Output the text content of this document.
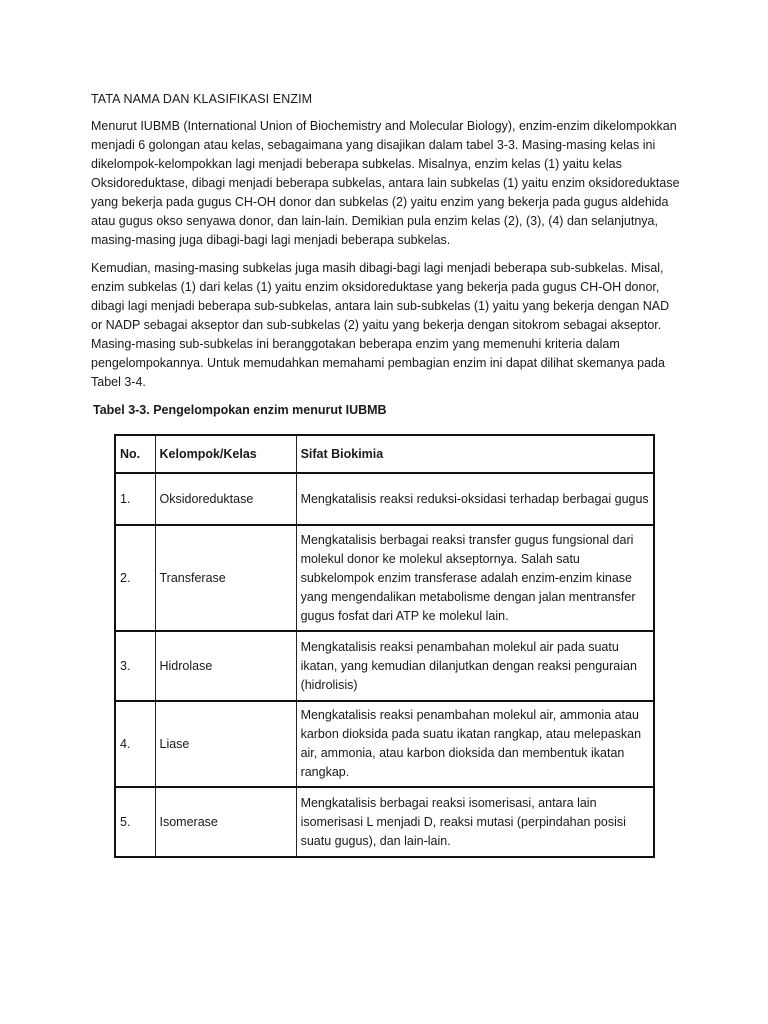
TATA NAMA DAN KLASIFIKASI ENZIM

Menurut IUBMB (International Union of Biochemistry and Molecular Biology), enzim-enzim dikelompokkan menjadi 6 golongan atau kelas, sebagaimana yang disajikan dalam tabel 3-3. Masing-masing kelas ini dikelompok-kelompokkan lagi menjadi beberapa subkelas. Misalnya, enzim kelas (1) yaitu kelas Oksidoreduktase, dibagi menjadi beberapa subkelas, antara lain subkelas (1) yaitu enzim oksidoreduktase yang bekerja pada gugus CH-OH donor dan subkelas (2) yaitu enzim yang bekerja pada gugus aldehida atau gugus okso senyawa donor, dan lain-lain. Demikian pula enzim kelas (2), (3), (4) dan selanjutnya, masing-masing juga dibagi-bagi lagi menjadi beberapa subkelas.

Kemudian, masing-masing subkelas juga masih dibagi-bagi lagi menjadi beberapa sub-subkelas. Misal, enzim subkelas (1) dari kelas (1) yaitu enzim oksidoreduktase yang bekerja pada gugus CH-OH donor, dibagi lagi menjadi beberapa sub-subkelas, antara lain sub-subkelas (1) yaitu yang bekerja dengan NAD or NADP sebagai akseptor dan sub-subkelas (2) yaitu yang bekerja dengan sitokrom sebagai akseptor. Masing-masing sub-subkelas ini beranggotakan beberapa enzim yang memenuhi kriteria dalam pengelompokannya. Untuk memudahkan memahami pembagian enzim ini dapat dilihat skemanya pada Tabel 3-4.

Tabel 3-3. Pengelompokan enzim menurut IUBMB

No.	Kelompok/Kelas	Sifat Biokimia
1.	Oksidoreduktase	Mengkatalisis reaksi reduksi-oksidasi terhadap berbagai gugus
2.	Transferase	Mengkatalisis berbagai reaksi transfer gugus fungsional dari molekul donor ke molekul akseptornya. Salah satu subkelompok enzim transferase adalah enzim-enzim kinase yang mengendalikan metabolisme dengan jalan mentransfer gugus fosfat dari ATP ke molekul lain.
3.	Hidrolase	Mengkatalisis reaksi penambahan molekul air pada suatu ikatan, yang kemudian dilanjutkan dengan reaksi penguraian (hidrolisis)
4.	Liase	Mengkatalisis reaksi penambahan molekul air, ammonia atau karbon dioksida pada suatu ikatan rangkap, atau melepaskan air, ammonia, atau karbon dioksida dan membentuk ikatan rangkap.
5.	Isomerase	Mengkatalisis berbagai reaksi isomerisasi, antara lain isomerisasi L menjadi D, reaksi mutasi (perpindahan posisi suatu gugus), dan lain-lain.
